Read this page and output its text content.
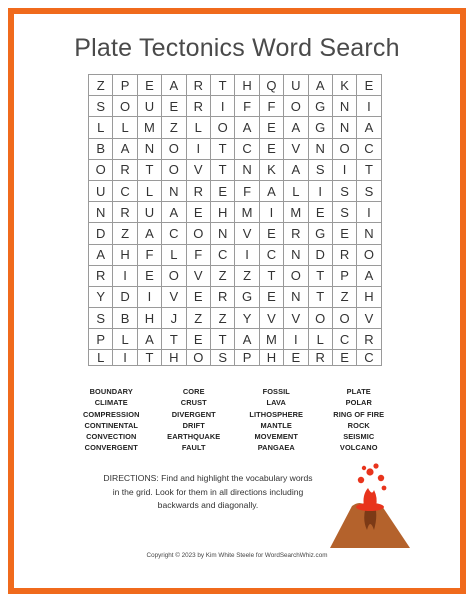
Plate Tectonics Word Search
Z	P	E	A	R	T	H	Q	U	A	K	E
S	O	U	E	R	I	F	F	O	G	N	I
L	L	M	Z	L	O	A	E	A	G	N	A
B	A	N	O	I	T	C	E	V	N	O	C
O	R	T	O	V	T	N	K	A	S	I	T
U	C	L	N	R	E	F	A	L	I	S	S
N	R	U	A	E	H	M	I	M	E	S	I
D	Z	A	C	O	N	V	E	R	G	E	N
A	H	F	L	F	C	I	C	N	D	R	O
R	I	E	O	V	Z	Z	T	O	T	P	A
Y	D	I	V	E	R	G	E	N	T	Z	H
S	B	H	J	Z	Z	Y	V	V	O	O	V
P	L	A	T	E	T	A	M	I	L	C	R
L	I	T	H	O	S	P	H	E	R	E	C
BOUNDARY
CLIMATE
COMPRESSION
CONTINENTAL
CONVECTION
CONVERGENT
CORE
CRUST
DIVERGENT
DRIFT
EARTHQUAKE
FAULT
FOSSIL
LAVA
LITHOSPHERE
MANTLE
MOVEMENT
PANGAEA
PLATE
POLAR
RING OF FIRE
ROCK
SEISMIC
VOLCANO
DIRECTIONS: Find and highlight the vocabulary words
in the grid. Look for them in all directions including
backwards and diagonally.
Copyright © 2023 by Kim White Steele for WordSearchWhiz.com
